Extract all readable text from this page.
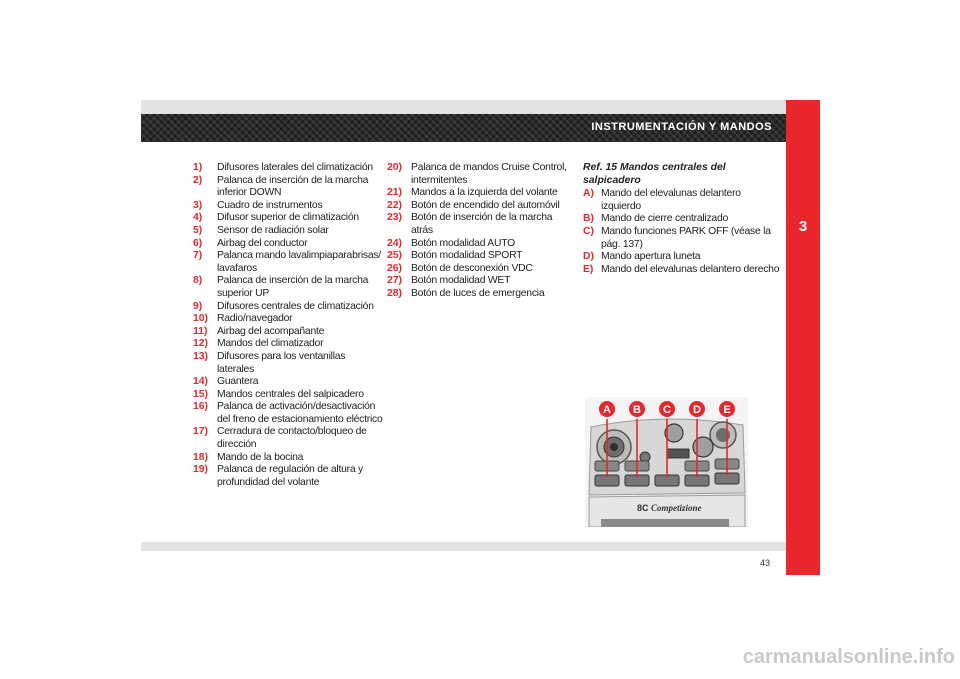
INSTRUMENTACIÓN Y MANDOS
3
1)	Difusores laterales del climatización
2)	Palanca de inserción de la marcha inferior DOWN
3)	Cuadro de instrumentos
4)	Difusor superior de climatización
5)	Sensor de radiación solar
6)	Airbag del conductor
7)	Palanca mando lavalimpiaparabrisas/ lavafaros
8)	Palanca de inserción de la marcha superior UP
9)	Difusores centrales de climatización
10) Radio/navegador
11) Airbag del acompañante
12) Mandos del climatizador
13) Difusores para los ventanillas laterales
14) Guantera
15) Mandos centrales del salpicadero
16) Palanca de activación/desactivación del freno de estacionamiento eléctrico
17) Cerradura de contacto/bloqueo de dirección
18) Mando de la bocina
19) Palanca de regulación de altura y profundidad del volante
20) Palanca de mandos Cruise Control, intermitentes
21) Mandos a la izquierda del volante
22) Botón de encendido del automóvil
23) Botón de inserción de la marcha atrás
24) Botón modalidad AUTO
25) Botón modalidad SPORT
26) Botón de desconexión VDC
27) Botón modalidad WET
28) Botón de luces de emergencia
Ref. 15 Mandos centrales del salpicadero
A) Mando del elevalunas delantero izquierdo
B) Mando de cierre centralizado
C) Mando funciones PARK OFF (véase la pág. 137)
D) Mando apertura luneta
E) Mando del elevalunas delantero derecho
8C Competizione
A B C D E
43
carmanualsonline.info
